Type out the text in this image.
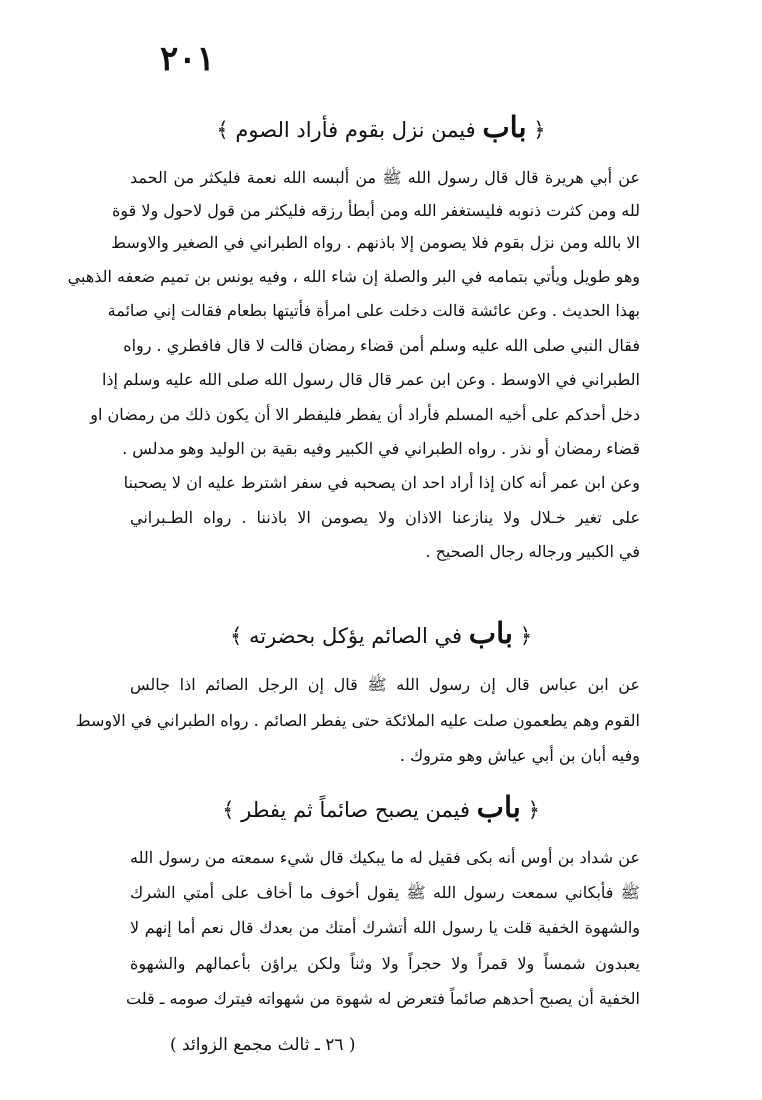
٢٠١
﴿ باب فيمن نزل بقوم فأراد الصوم ﴾
عن أبي هريرة قال قال رسول الله ﷺ من ألبسه الله نعمة فليكثر من الحمد
لله ومن كثرت ذنوبه فليستغفر الله ومن أبطأ رزقه فليكثر من قول لاحول ولا قوة
الا بالله ومن نزل بقوم فلا يصومن إلا باذنهم . رواه الطبراني في الصغير والاوسط
وهو طويل ويأتي بتمامه في البر والصلة إن شاء الله ، وفيه يونس بن تميم ضعفه الذهبي
بهذا الحديث . وعن عائشة قالت دخلت على امرأة فأتيتها بطعام فقالت إني صائمة
فقال النبي صلى الله عليه وسلم أمن قضاء رمضان قالت لا قال فافطري . رواه
الطبراني في الاوسط . وعن ابن عمر قال قال رسول الله صلى الله عليه وسلم إذا
دخل أحدكم على أخيه المسلم فأراد أن يفطر فليفطر الا أن يكون ذلك من رمضان او
قضاء رمضان أو نذر . رواه الطبراني في الكبير وفيه بقية بن الوليد وهو مدلس .
وعن ابن عمر أنه كان إذا أراد احد ان يصحبه في سفر اشترط عليه ان لا يصحبنا
على تغير خـلال ولا ينازعنا الاذان ولا يصومن الا باذننا . رواه الطـبراني
في الكبير ورجاله رجال الصحيح .
﴿ باب في الصائم يؤكل بحضرته ﴾
عن ابن عباس قال إن رسول الله ﷺ قال إن الرجل الصائم اذا جالس
القوم وهم يطعمون صلت عليه الملائكة حتى يفطر الصائم . رواه الطبراني في الاوسط
وفيه أبان بن أبي عياش وهو متروك .
﴿ باب فيمن يصبح صائماً ثم يفطر ﴾
عن شداد بن أوس أنه بكى فقيل له ما يبكيك قال شيء سمعته من رسول الله
ﷺ فأبكاني سمعت رسول الله ﷺ يقول أخوف ما أخاف على أمتي الشرك
والشهوة الخفية قلت يا رسول الله أتشرك أمتك من بعدك قال نعم أما إنهم لا
يعبدون شمساً ولا قمراً ولا حجراً ولا وثناً ولكن يراؤن بأعمالهم والشهوة
الخفية أن يصبح أحدهم صائماً فتعرض له شهوة من شهواته فيترك صومه ـ قلت
( ٢٦ ـ ثالث مجمع الزوائد )
